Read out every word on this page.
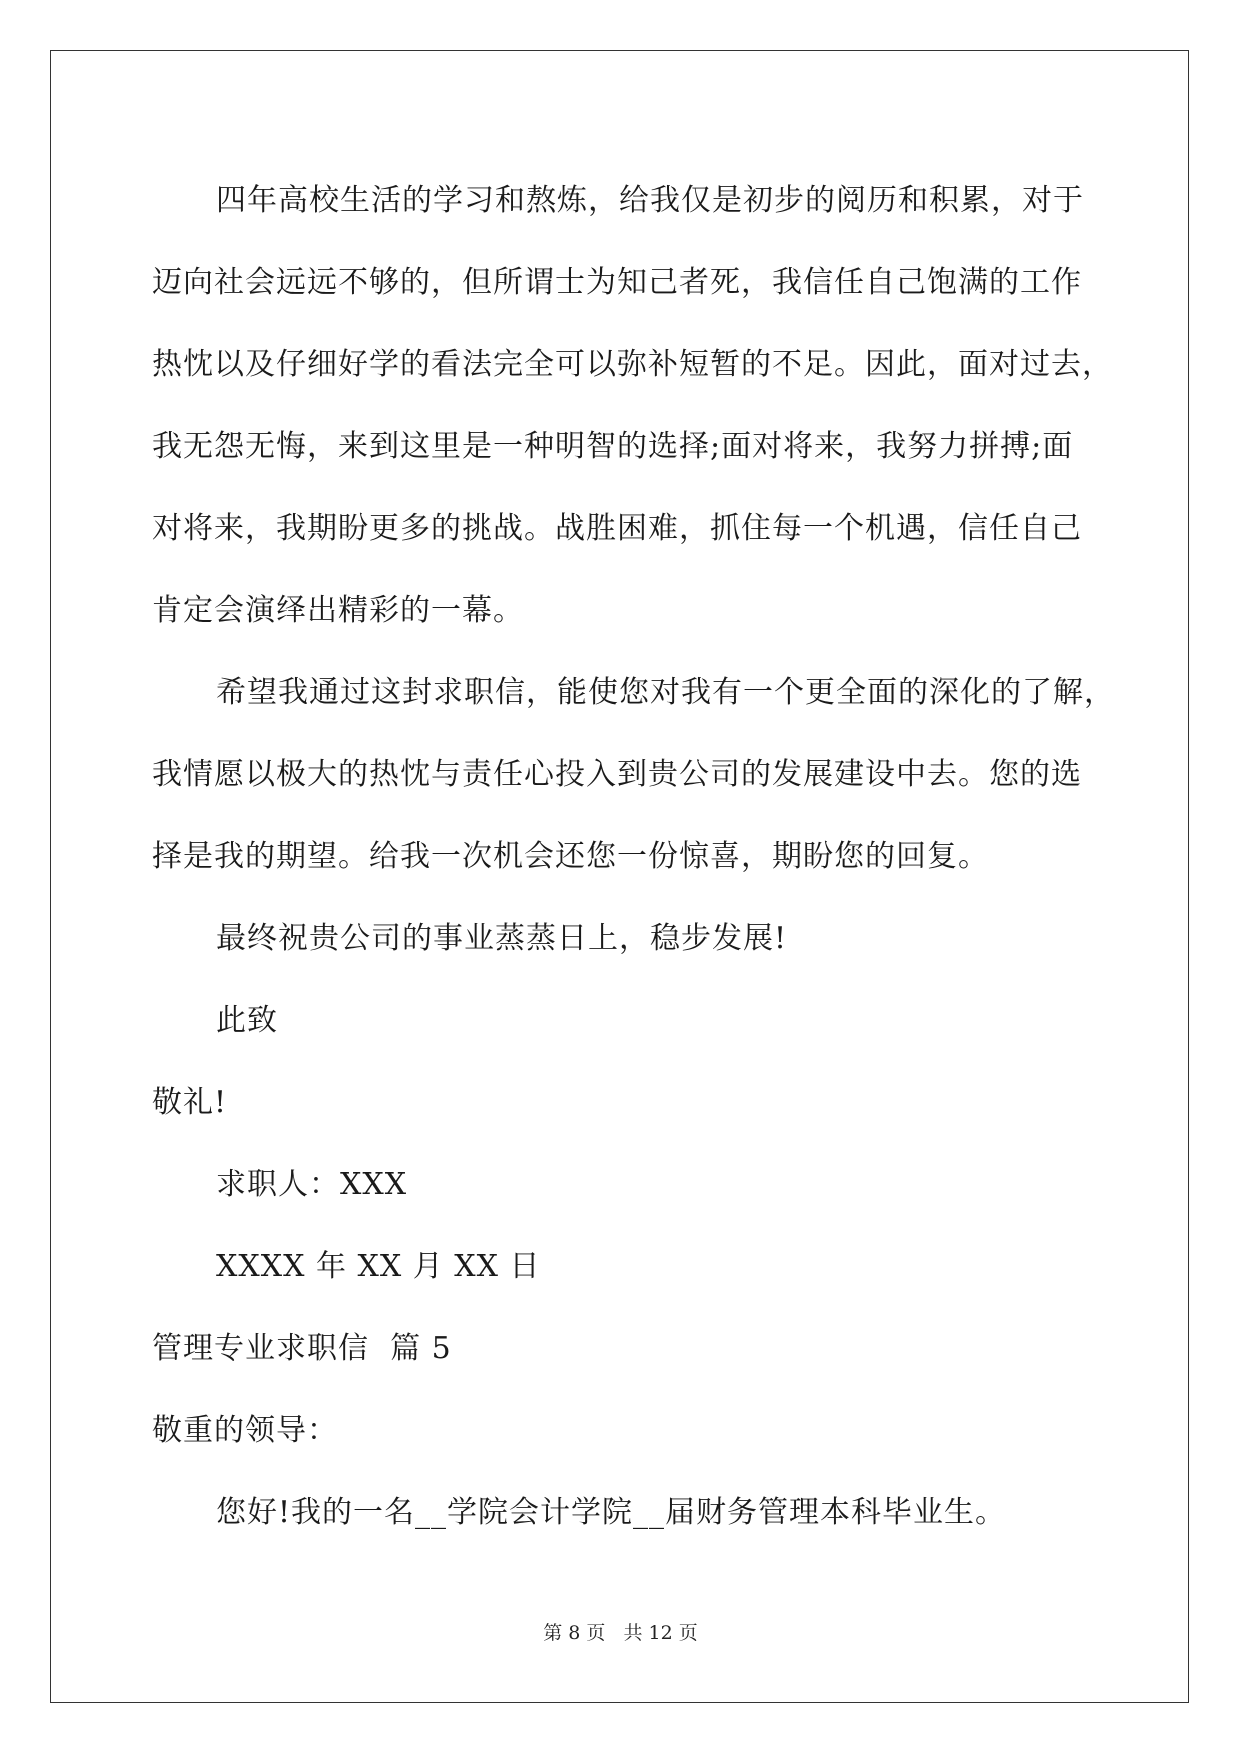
四年高校生活的学习和熬炼，给我仅是初步的阅历和积累，对于
迈向社会远远不够的，但所谓士为知己者死，我信任自己饱满的工作
热忱以及仔细好学的看法完全可以弥补短暂的不足。因此，面对过去，
我无怨无悔，来到这里是一种明智的选择;面对将来，我努力拼搏;面
对将来，我期盼更多的挑战。战胜困难，抓住每一个机遇，信任自己
肯定会演绎出精彩的一幕。
希望我通过这封求职信，能使您对我有一个更全面的深化的了解，
我情愿以极大的热忱与责任心投入到贵公司的发展建设中去。您的选
择是我的期望。给我一次机会还您一份惊喜，期盼您的回复。
最终祝贵公司的事业蒸蒸日上，稳步发展!
此致
敬礼!
求职人：XXX
XXXX 年 XX 月 XX 日
管理专业求职信  篇 5
敬重的领导：
您好!我的一名__学院会计学院__届财务管理本科毕业生。
第 8 页 共 12 页
